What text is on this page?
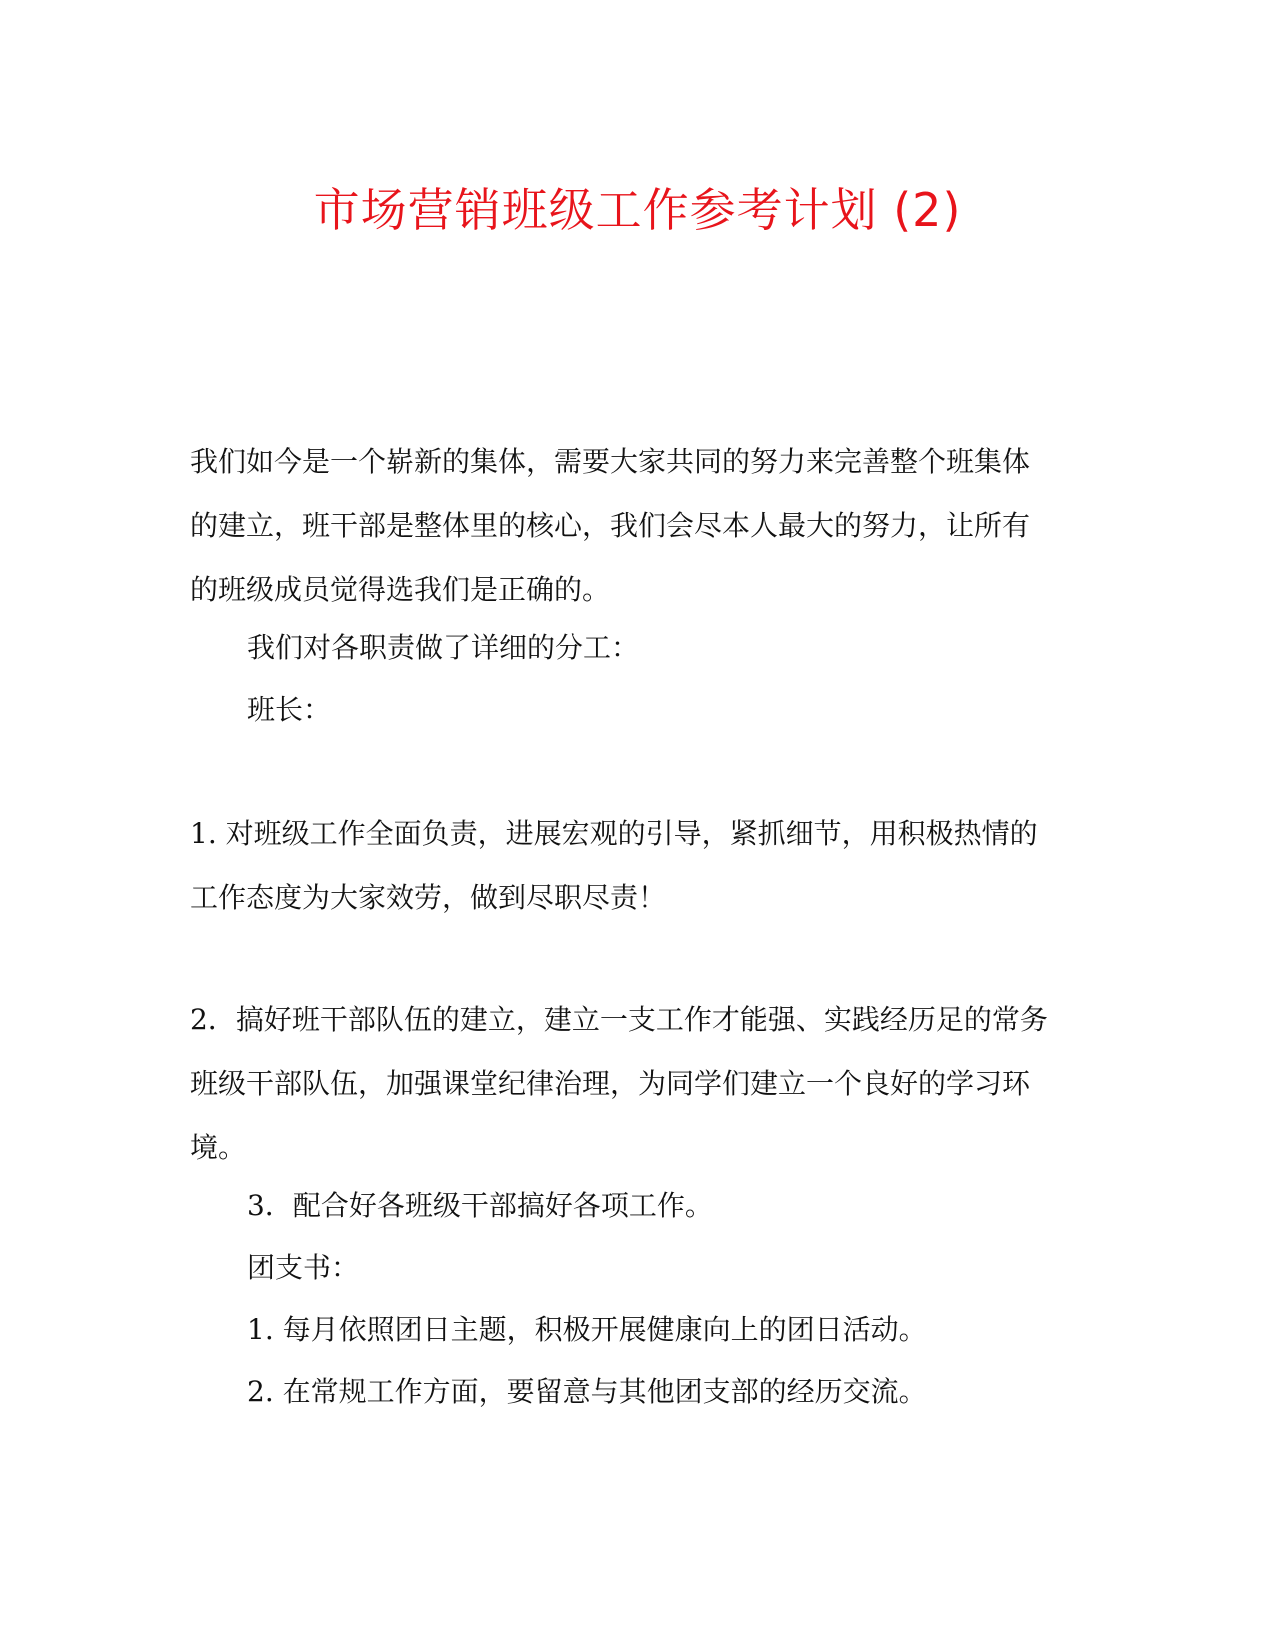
市场营销班级工作参考计划 (2)
我们如今是一个崭新的集体，需要大家共同的努力来完善整个班集体
的建立，班干部是整体里的核心，我们会尽本人最大的努力，让所有
的班级成员觉得选我们是正确的。
我们对各职责做了详细的分工：
班长：
1. 对班级工作全面负责，进展宏观的引导，紧抓细节，用积极热情的
工作态度为大家效劳，做到尽职尽责！
2．搞好班干部队伍的建立，建立一支工作才能强、实践经历足的常务
班级干部队伍，加强课堂纪律治理，为同学们建立一个良好的学习环
境。
3．配合好各班级干部搞好各项工作。
团支书：
1. 每月依照团日主题，积极开展健康向上的团日活动。
2. 在常规工作方面，要留意与其他团支部的经历交流。
